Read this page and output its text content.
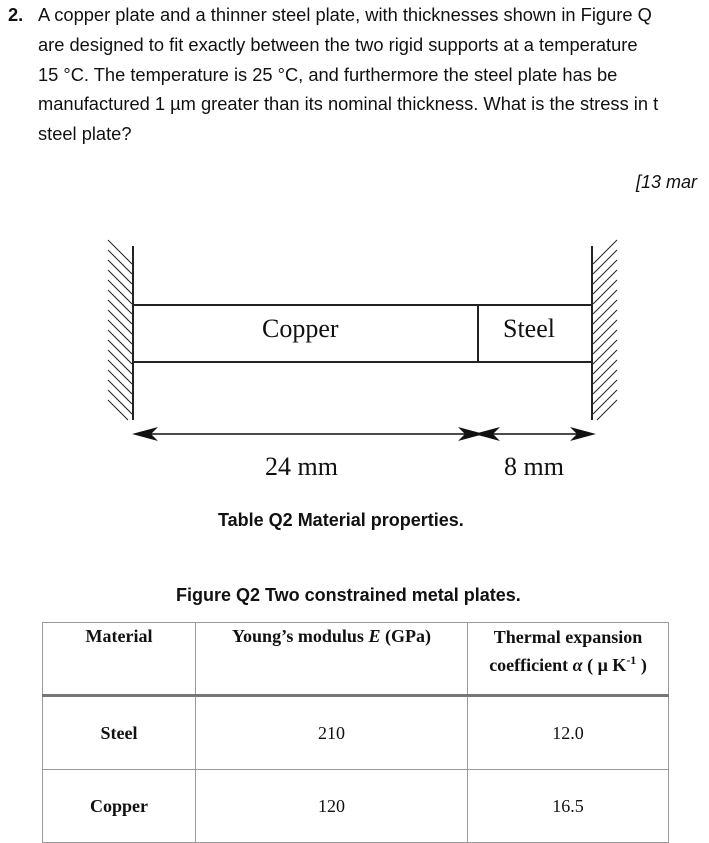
2. A copper plate and a thinner steel plate, with thicknesses shown in Figure Q
are designed to fit exactly between the two rigid supports at a temperature
15 °C. The temperature is 25 °C, and furthermore the steel plate has be
manufactured 1 µm greater than its nominal thickness. What is the stress in t
steel plate?
[13 mar
Copper	Steel
24 mm	8 mm
Table Q2 Material properties.
Figure Q2 Two constrained metal plates.
Material	Young’s modulus E (GPa)	Thermal expansion
coefficient α ( μ $K^{-1}$ )

Steel	210	12.0
Copper	120	16.5
